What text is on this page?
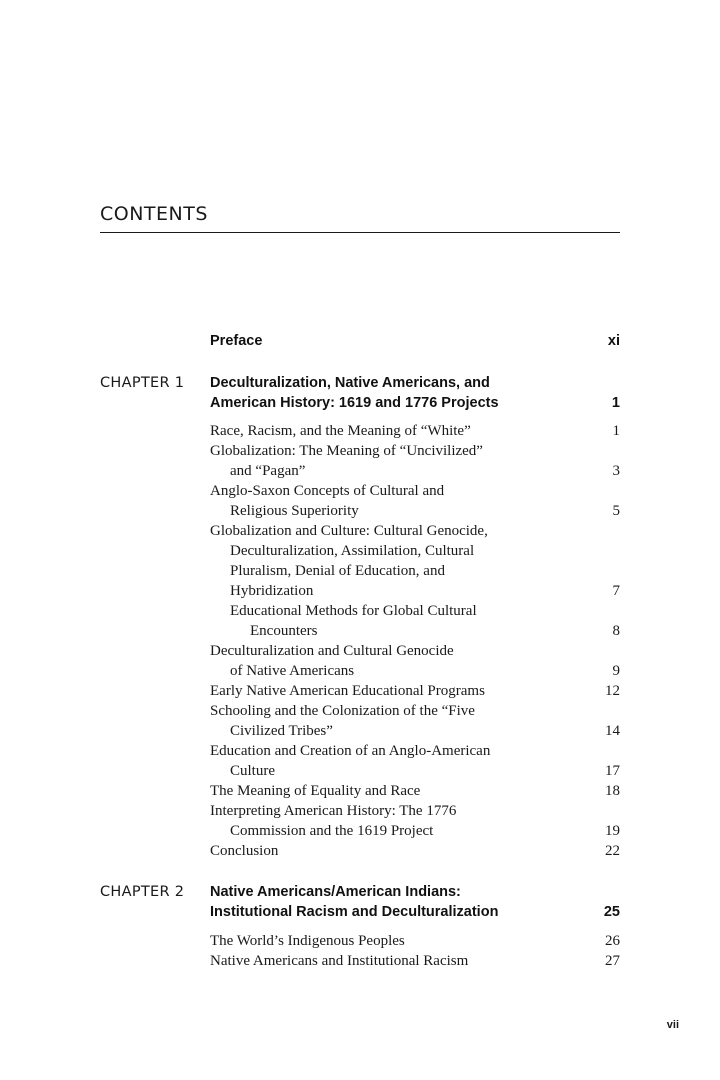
CONTENTS
Preface	xi
CHAPTER 1 Deculturalization, Native Americans, and
American History: 1619 and 1776 Projects	1
Race, Racism, and the Meaning of “White”	1
Globalization: The Meaning of “Uncivilized”
and “Pagan”	3
Anglo-Saxon Concepts of Cultural and
Religious Superiority	5
Globalization and Culture: Cultural Genocide,
Deculturalization, Assimilation, Cultural
Pluralism, Denial of Education, and
Hybridization	7
Educational Methods for Global Cultural
Encounters	8
Deculturalization and Cultural Genocide
of Native Americans	9
Early Native American Educational Programs	12
Schooling and the Colonization of the “Five
Civilized Tribes”	14
Education and Creation of an Anglo-American
Culture	17
The Meaning of Equality and Race	18
Interpreting American History: The 1776
Commission and the 1619 Project	19
Conclusion	22
CHAPTER 2 Native Americans/American Indians:
Institutional Racism and Deculturalization	25
The World’s Indigenous Peoples	26
Native Americans and Institutional Racism	27
vii
